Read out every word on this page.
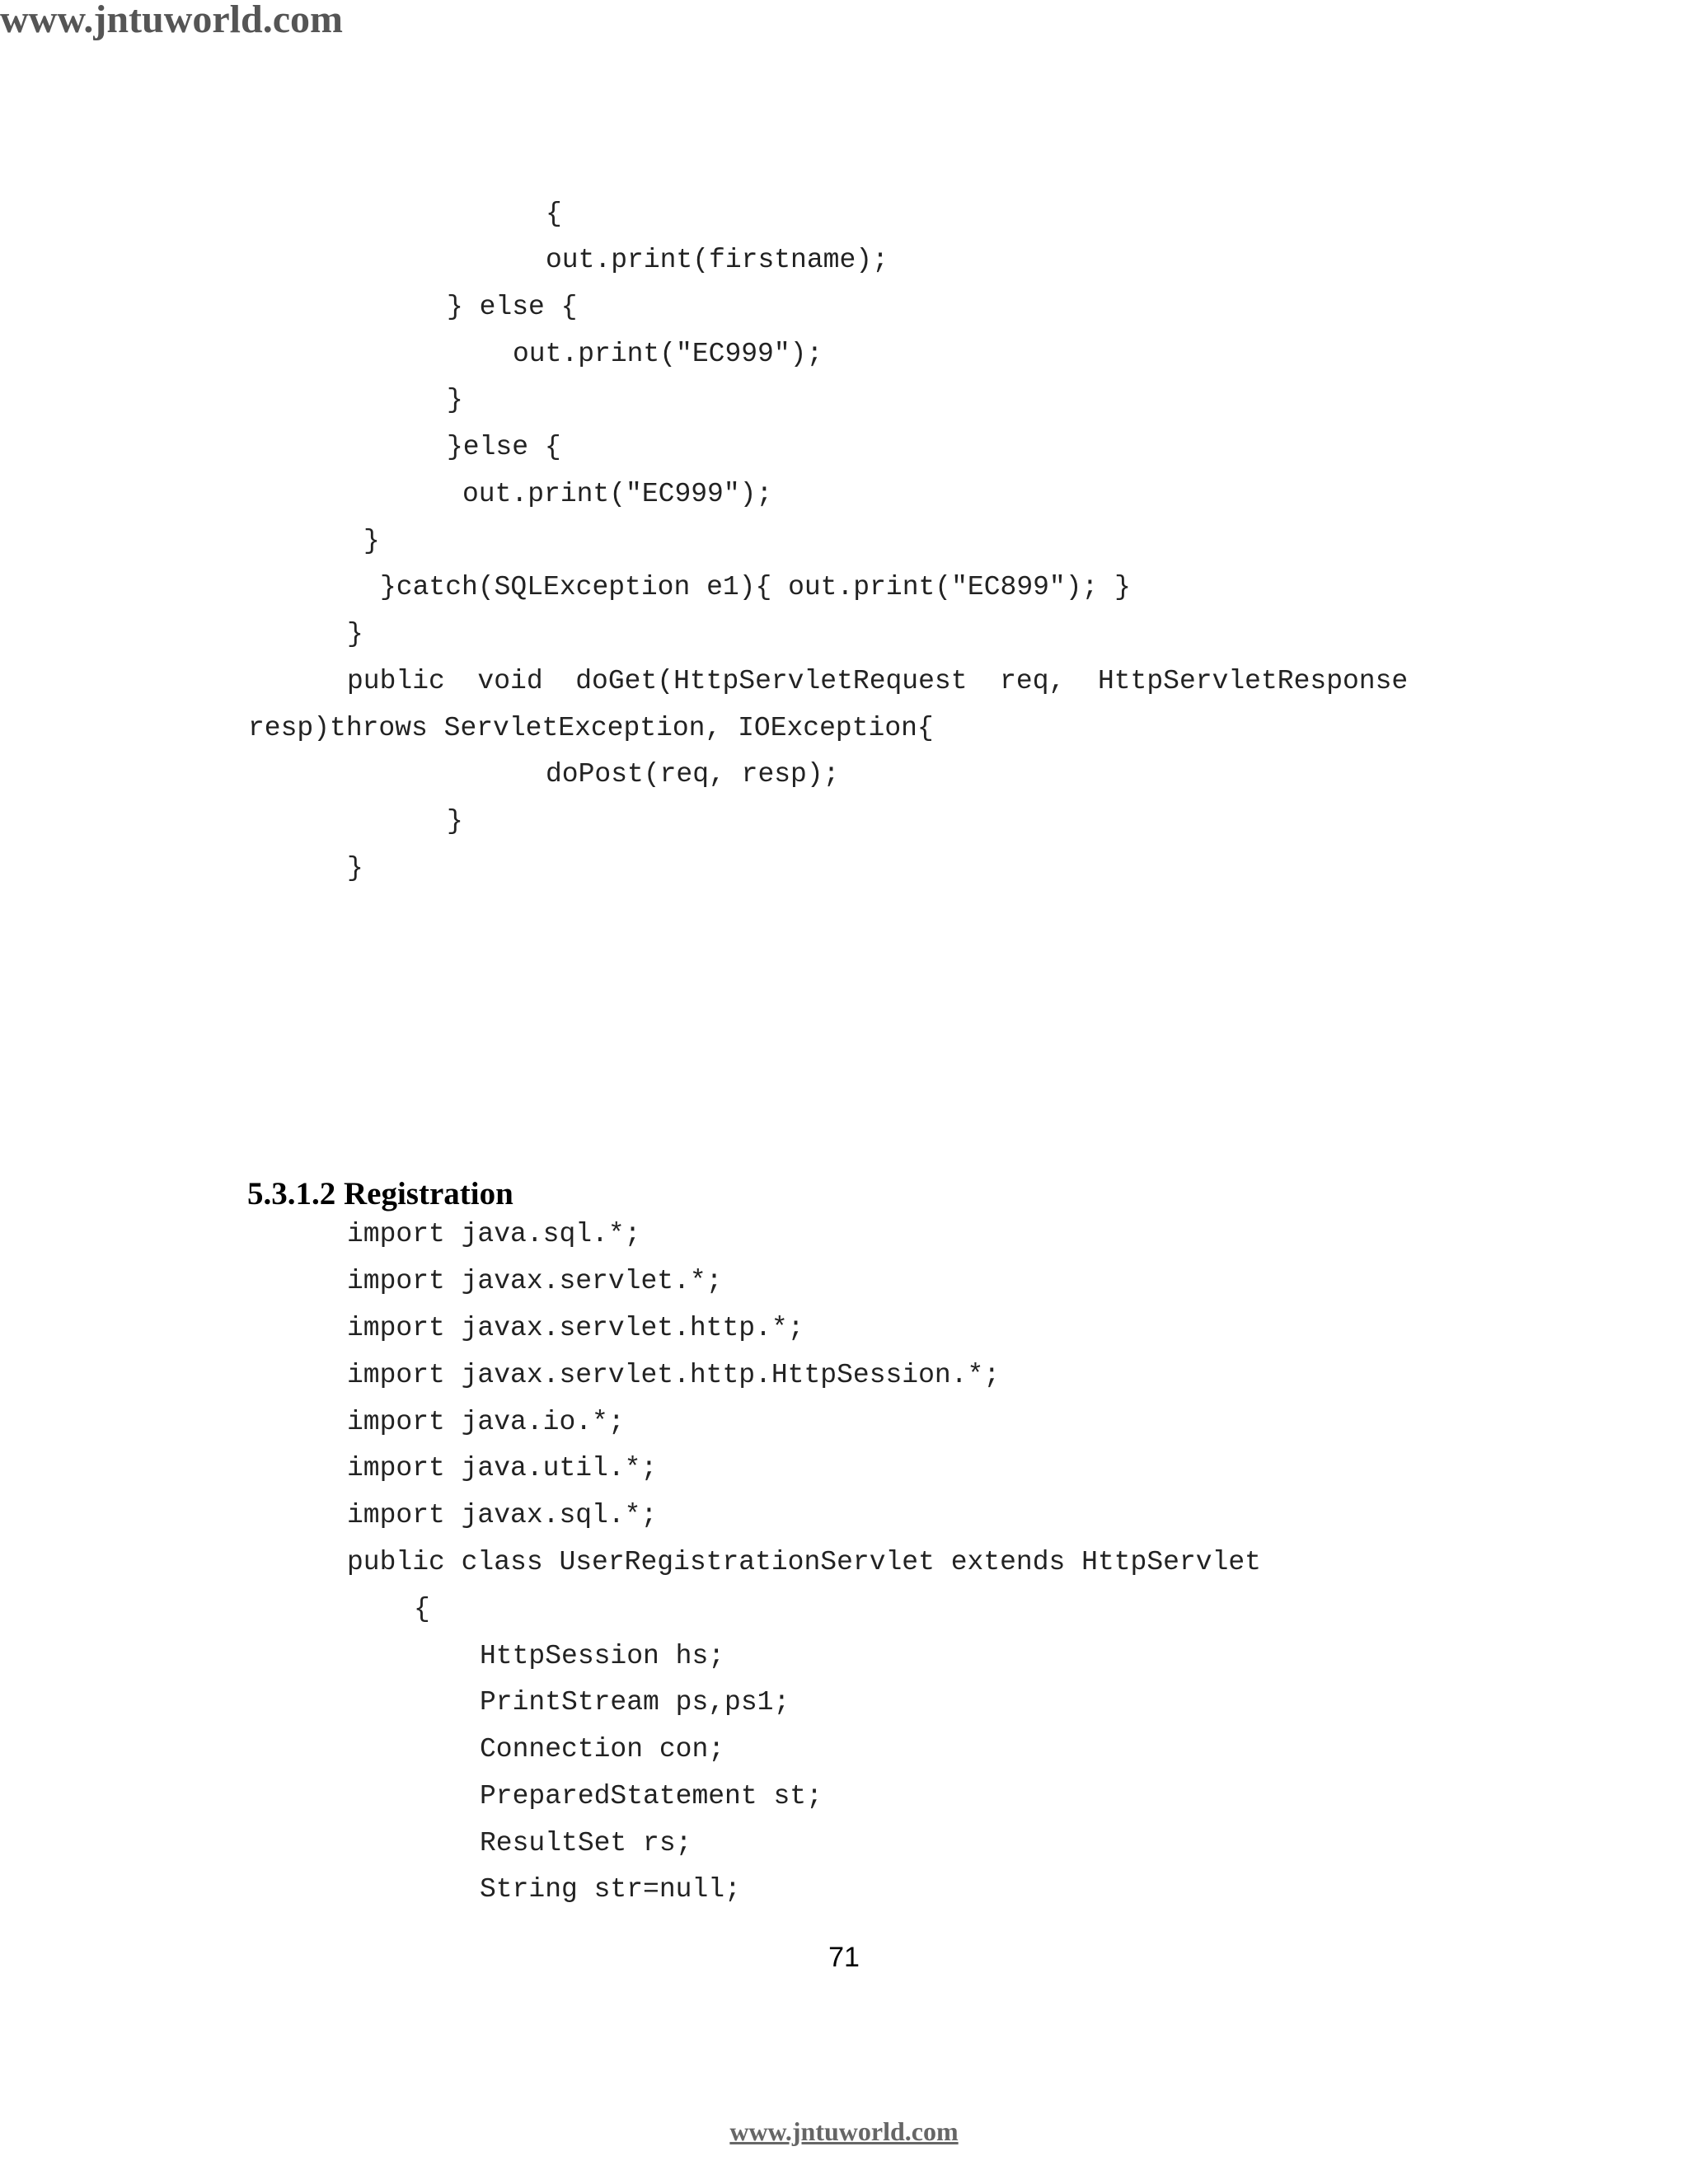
www.jntuworld.com
{
out.print(firstname);
} else {
out.print("EC999");
}
}else {
out.print("EC999");
}
}catch(SQLException e1){ out.print("EC899"); }
}
public  void  doGet(HttpServletRequest  req,  HttpServletResponse
resp)throws ServletException, IOException{
doPost(req, resp);
}
}
5.3.1.2 Registration
import java.sql.*;
import javax.servlet.*;
import javax.servlet.http.*;
import javax.servlet.http.HttpSession.*;
import java.io.*;
import java.util.*;
import javax.sql.*;
public class UserRegistrationServlet extends HttpServlet
{
HttpSession hs;
PrintStream ps,ps1;
Connection con;
PreparedStatement st;
ResultSet rs;
String str=null;
71
www.jntuworld.com
